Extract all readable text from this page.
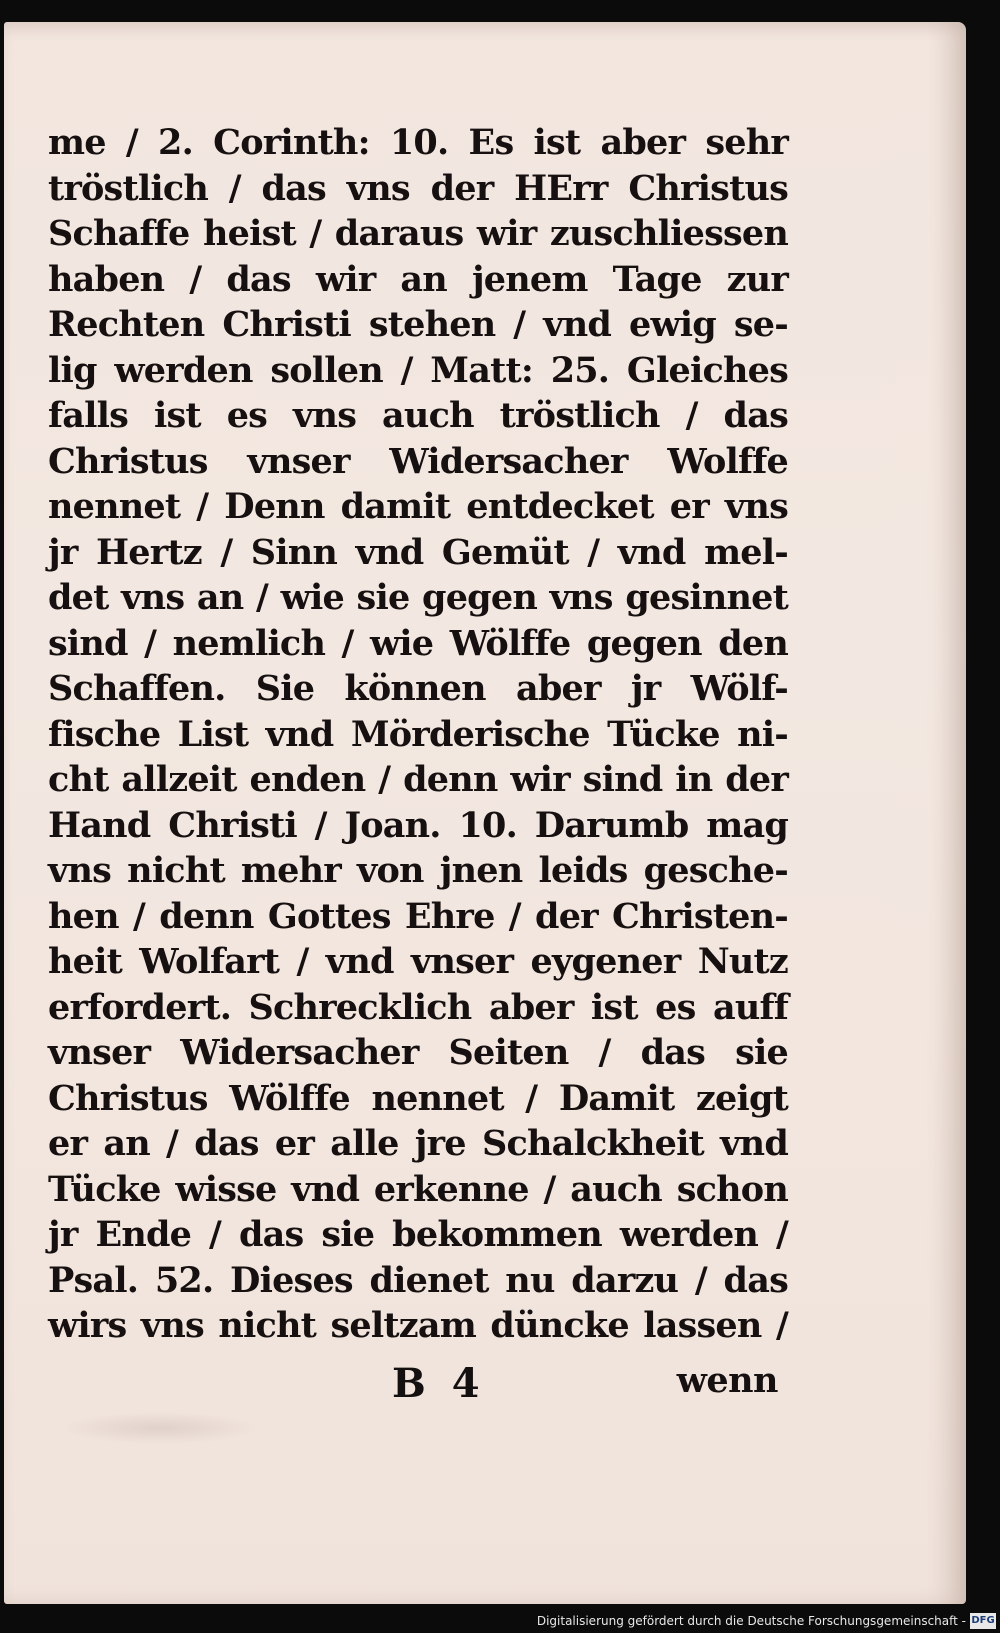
me / 2. Corinth: 10. Es ist aber sehr
tröstlich / das vns der HErr Christus
Schaffe heist / daraus wir zuschliessen
haben / das wir an jenem Tage zur
Rechten Christi stehen / vnd ewig se-
lig werden sollen / Matt: 25. Gleiches
falls ist es vns auch tröstlich / das
Christus vnser Widersacher Wolffe
nennet / Denn damit entdecket er vns
jr Hertz / Sinn vnd Gemüt / vnd mel-
det vns an / wie sie gegen vns gesinnet
sind / nemlich / wie Wölffe gegen den
Schaffen. Sie können aber jr Wölf-
fische List vnd Mörderische Tücke ni-
cht allzeit enden / denn wir sind in der
Hand Christi / Joan. 10. Darumb mag
vns nicht mehr von jnen leids gesche-
hen / denn Gottes Ehre / der Christen-
heit Wolfart / vnd vnser eygener Nutz
erfordert. Schrecklich aber ist es auff
vnser Widersacher Seiten / das sie
Christus Wölffe nennet / Damit zeigt
er an / das er alle jre Schalckheit vnd
Tücke wisse vnd erkenne / auch schon
jr Ende / das sie bekommen werden /
Psal. 52. Dieses dienet nu darzu / das
wirs vns nicht seltzam düncke lassen /
B 4	wenn
Digitalisierung gefördert durch die Deutsche Forschungsgemeinschaft - DFG
